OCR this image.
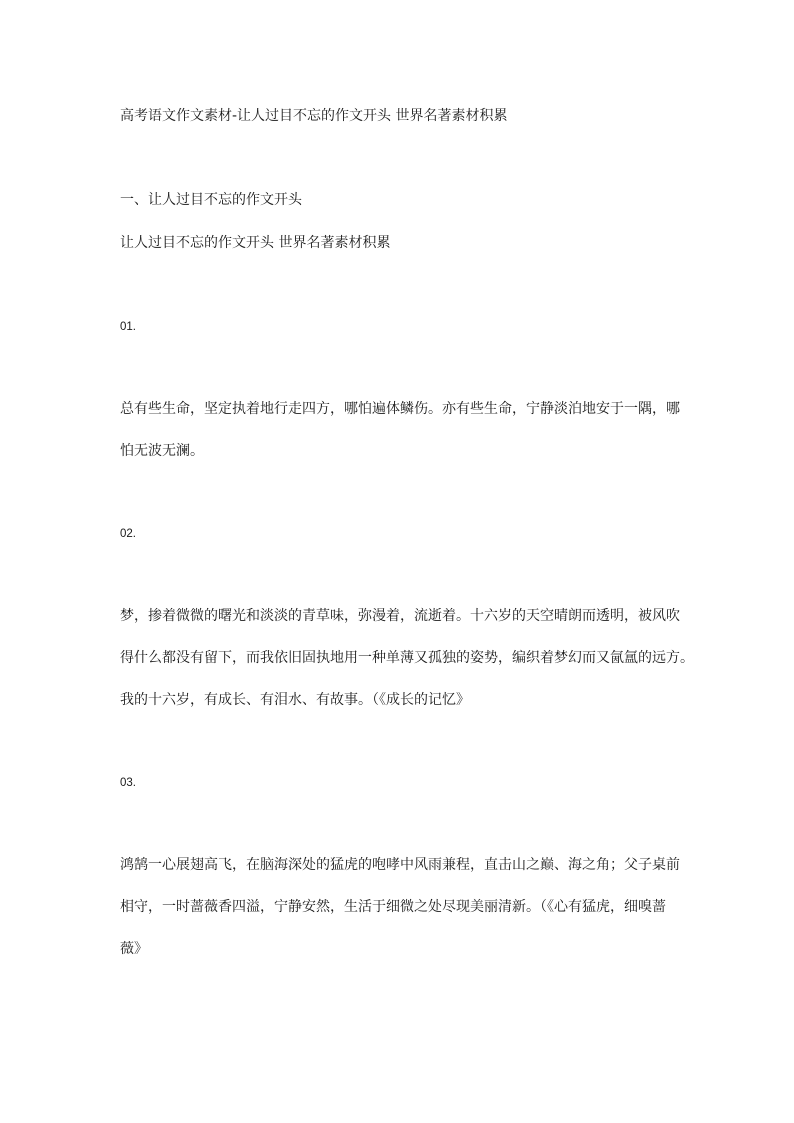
高考语文作文素材-让人过目不忘的作文开头 世界名著素材积累
一、让人过目不忘的作文开头
让人过目不忘的作文开头 世界名著素材积累
01.
总有些生命，坚定执着地行走四方，哪怕遍体鳞伤。亦有些生命，宁静淡泊地安于一隅，哪
怕无波无澜。
02.
梦，掺着微微的曙光和淡淡的青草味，弥漫着，流逝着。十六岁的天空晴朗而透明，被风吹
得什么都没有留下，而我依旧固执地用一种单薄又孤独的姿势，编织着梦幻而又氤氲的远方。
我的十六岁，有成长、有泪水、有故事。（《成长的记忆》
03.
鸿鹄一心展翅高飞，在脑海深处的猛虎的咆哮中风雨兼程，直击山之巅、海之角；父子桌前
相守，一时蔷薇香四溢，宁静安然，生活于细微之处尽现美丽清新。（《心有猛虎，细嗅蔷
薇》
